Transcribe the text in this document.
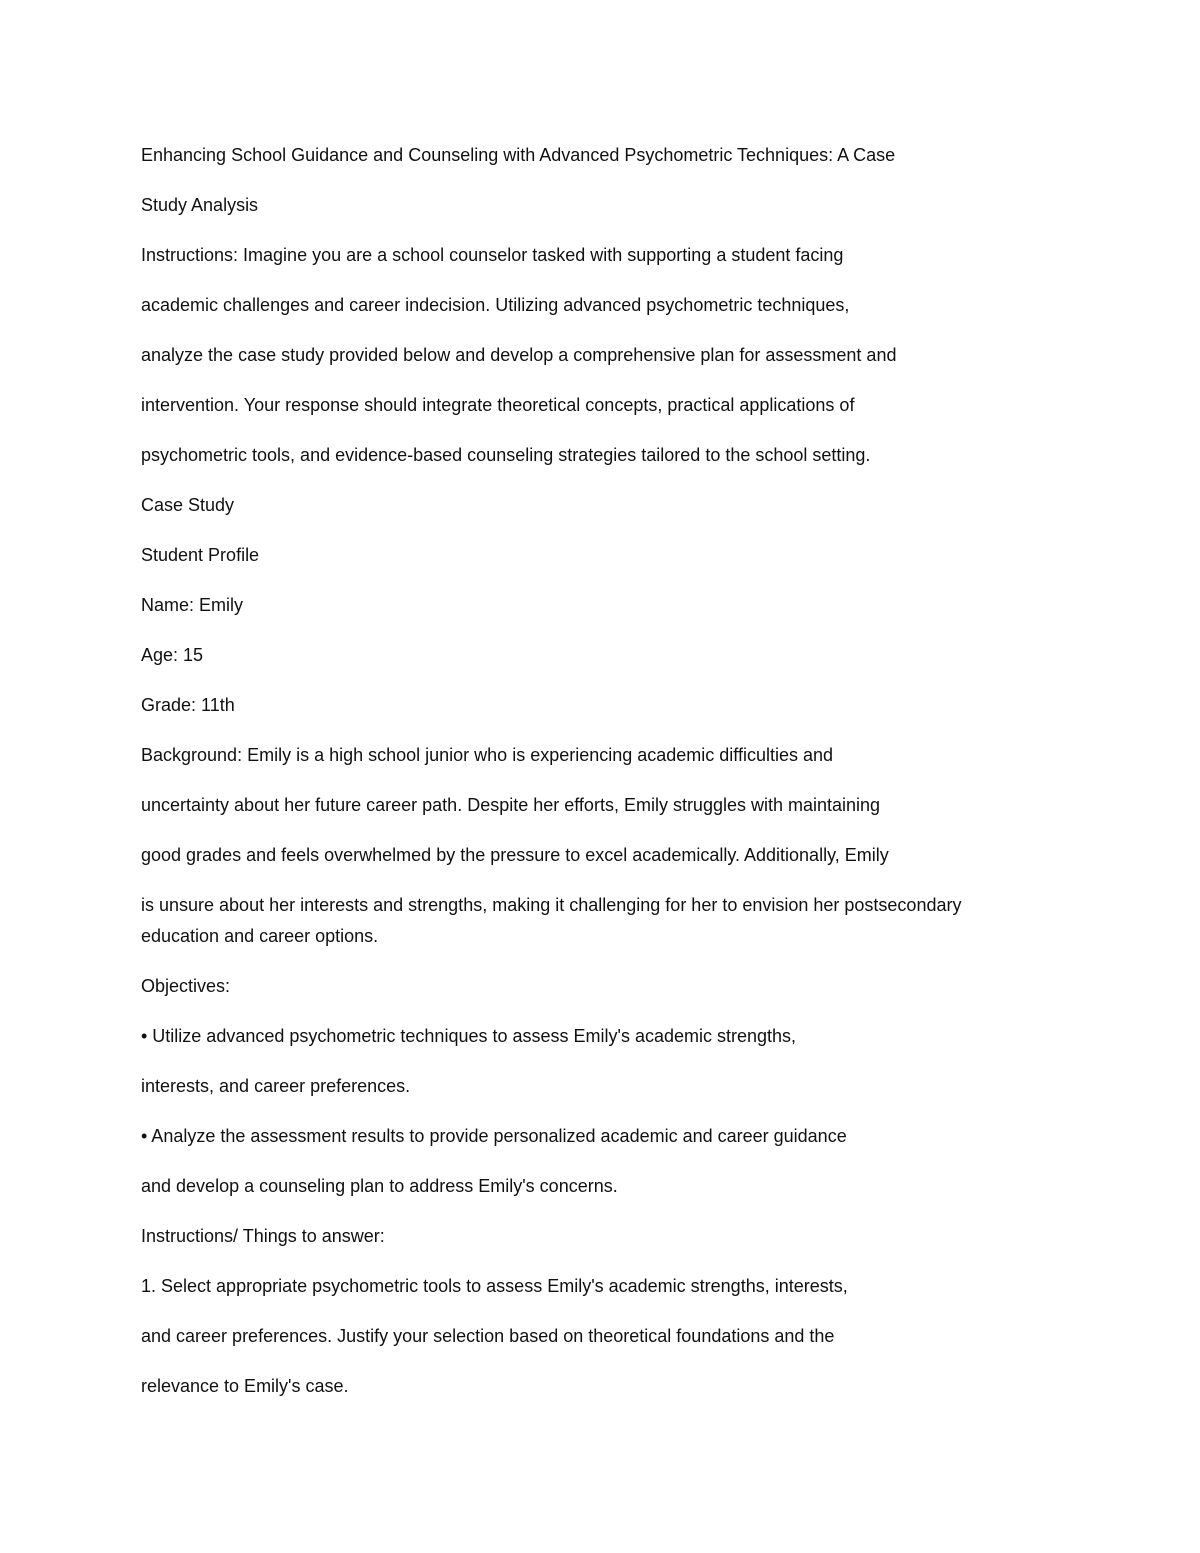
Enhancing School Guidance and Counseling with Advanced Psychometric Techniques: A Case
Study Analysis
Instructions: Imagine you are a school counselor tasked with supporting a student facing
academic challenges and career indecision. Utilizing advanced psychometric techniques,
analyze the case study provided below and develop a comprehensive plan for assessment and
intervention. Your response should integrate theoretical concepts, practical applications of
psychometric tools, and evidence-based counseling strategies tailored to the school setting.
Case Study
Student Profile
Name: Emily
Age: 15
Grade: 11th
Background: Emily is a high school junior who is experiencing academic difficulties and
uncertainty about her future career path. Despite her efforts, Emily struggles with maintaining
good grades and feels overwhelmed by the pressure to excel academically. Additionally, Emily
is unsure about her interests and strengths, making it challenging for her to envision her postsecondary
education and career options.
Objectives:
• Utilize advanced psychometric techniques to assess Emily's academic strengths,
interests, and career preferences.
• Analyze the assessment results to provide personalized academic and career guidance
and develop a counseling plan to address Emily's concerns.
Instructions/ Things to answer:
1. Select appropriate psychometric tools to assess Emily's academic strengths, interests,
and career preferences. Justify your selection based on theoretical foundations and the
relevance to Emily's case.
